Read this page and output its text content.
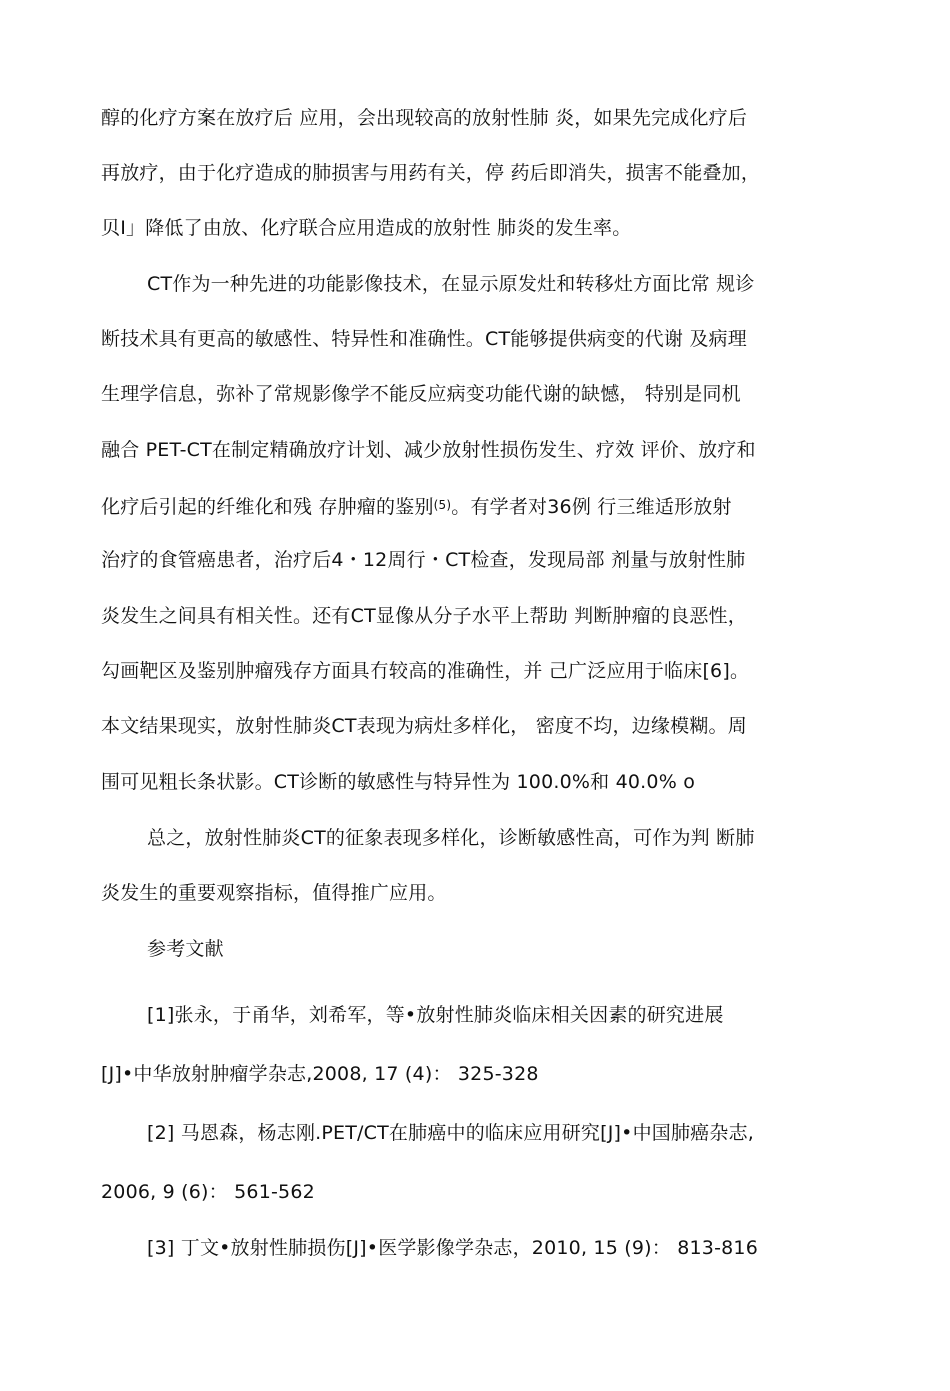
醇的化疗方案在放疗后 应用，会出现较高的放射性肺 炎，如果先完成化疗后
再放疗，由于化疗造成的肺损害与用药有关，停 药后即消失，损害不能叠加，
贝I」降低了由放、化疗联合应用造成的放射性 肺炎的发生率。
CT作为一种先进的功能影像技术，在显示原发灶和转移灶方面比常 规诊
断技术具有更高的敏感性、特异性和准确性。CT能够提供病变的代谢 及病理
生理学信息，弥补了常规影像学不能反应病变功能代谢的缺憾， 特别是同机
融合 PET-CT在制定精确放疗计划、减少放射性损伤发生、疗效 评价、放疗和
化疗后引起的纤维化和残 存肿瘤的鉴别$^{(5)}$。有学者对36例 行三维适形放射
治疗的食管癌患者，治疗后4・12周行・CT检查，发现局部 剂量与放射性肺
炎发生之间具有相关性。还有CT显像从分子水平上帮助 判断肿瘤的良恶性，
勾画靶区及鉴别肿瘤残存方面具冇较高的准确性，并 己广泛应用于临床[6]。
本文结果现实，放射性肺炎CT表现为病灶多样化， 密度不均，边缘模糊。周
围可见粗长条状影。CT诊断的敏感性与特异性为 100.0%和 40.0% o
总之，放射性肺炎CT的征象表现多样化，诊断敏感性高，可作为判 断肺
炎发生的重要观察指标，值得推广应用。
参考文献
[1]张永，于甬华，刘希军，等•放射性肺炎临床相关因素的研究进展
[J]•中华放射肿瘤学杂志,2008, 17 (4)： 325-328
[2] 马恩森，杨志刚.PET/CT在肺癌中的临床应用研究[J]•中国肺癌杂志,
2006, 9 (6)： 561-562
[3] 丁文•放射性肺损伤[J]•医学影像学杂志，2010, 15 (9)： 813-816
